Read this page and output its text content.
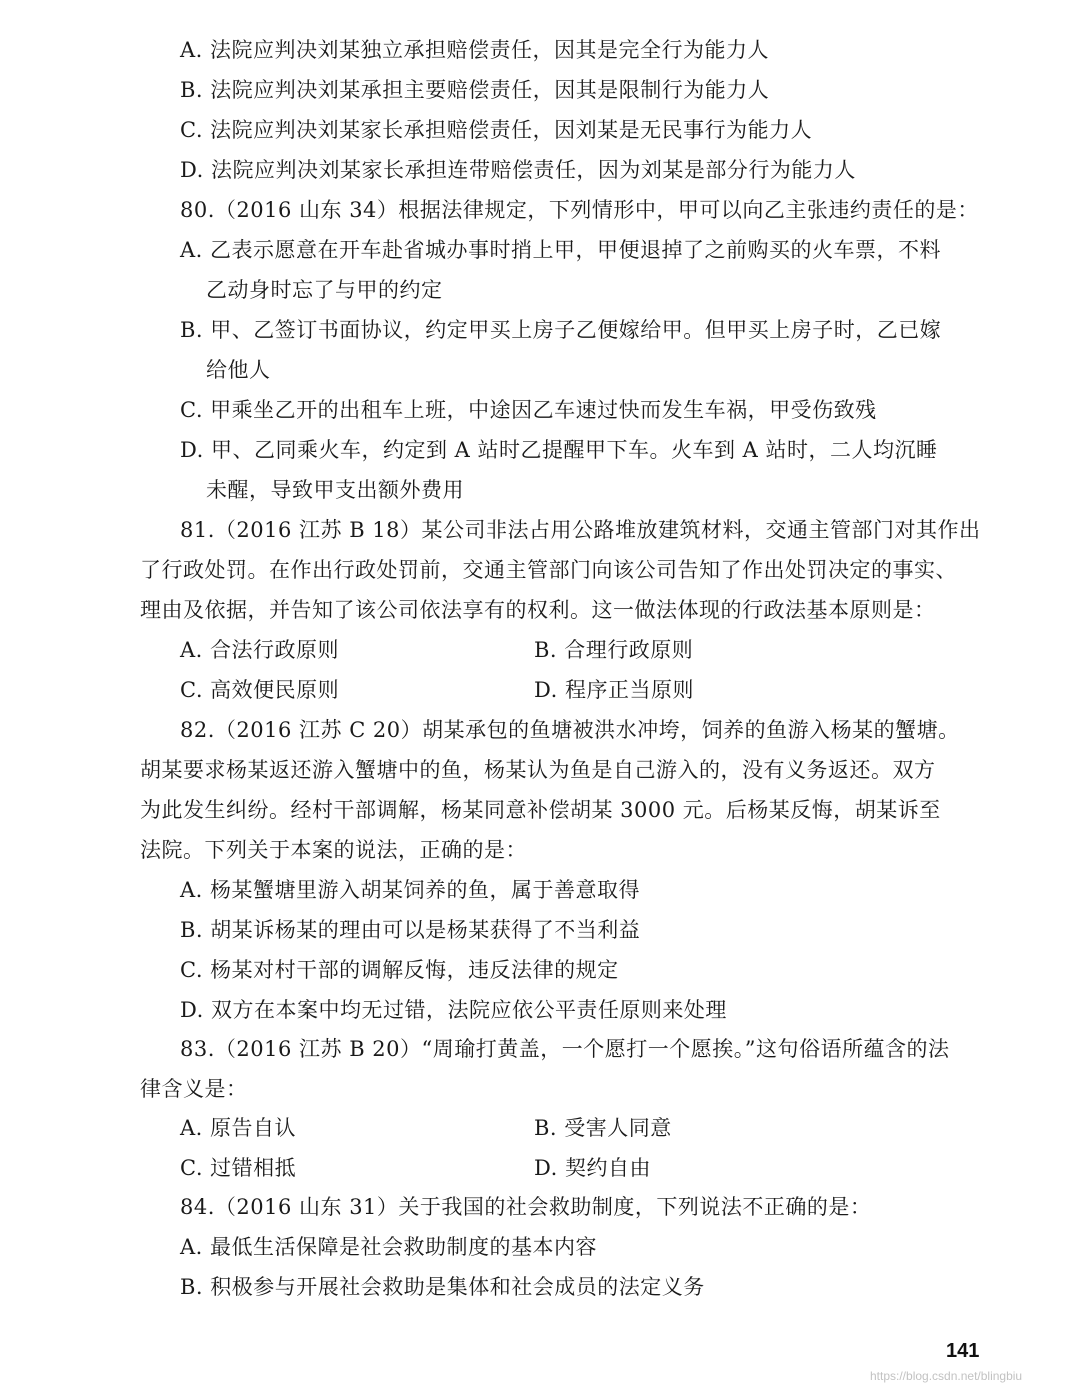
A. 法院应判决刘某独立承担赔偿责任，因其是完全行为能力人
B. 法院应判决刘某承担主要赔偿责任，因其是限制行为能力人
C. 法院应判决刘某家长承担赔偿责任，因刘某是无民事行为能力人
D. 法院应判决刘某家长承担连带赔偿责任，因为刘某是部分行为能力人
80.（2016 山东 34）根据法律规定，下列情形中，甲可以向乙主张违约责任的是：
A. 乙表示愿意在开车赴省城办事时捎上甲，甲便退掉了之前购买的火车票，不料
乙动身时忘了与甲的约定
B. 甲、乙签订书面协议，约定甲买上房子乙便嫁给甲。但甲买上房子时，乙已嫁
给他人
C. 甲乘坐乙开的出租车上班，中途因乙车速过快而发生车祸，甲受伤致残
D. 甲、乙同乘火车，约定到 A 站时乙提醒甲下车。火车到 A 站时，二人均沉睡
未醒，导致甲支出额外费用
81.（2016 江苏 B 18）某公司非法占用公路堆放建筑材料，交通主管部门对其作出
了行政处罚。在作出行政处罚前，交通主管部门向该公司告知了作出处罚决定的事实、
理由及依据，并告知了该公司依法享有的权利。这一做法体现的行政法基本原则是：
A. 合法行政原则	B. 合理行政原则
C. 高效便民原则	D. 程序正当原则
82.（2016 江苏 C 20）胡某承包的鱼塘被洪水冲垮，饲养的鱼游入杨某的蟹塘。
胡某要求杨某返还游入蟹塘中的鱼，杨某认为鱼是自己游入的，没有义务返还。双方
为此发生纠纷。经村干部调解，杨某同意补偿胡某 3000 元。后杨某反悔，胡某诉至
法院。下列关于本案的说法，正确的是：
A. 杨某蟹塘里游入胡某饲养的鱼，属于善意取得
B. 胡某诉杨某的理由可以是杨某获得了不当利益
C. 杨某对村干部的调解反悔，违反法律的规定
D. 双方在本案中均无过错，法院应依公平责任原则来处理
83.（2016 江苏 B 20）“周瑜打黄盖，一个愿打一个愿挨。”这句俗语所蕴含的法
律含义是：
A. 原告自认	B. 受害人同意
C. 过错相抵	D. 契约自由
84.（2016 山东 31）关于我国的社会救助制度，下列说法不正确的是：
A. 最低生活保障是社会救助制度的基本内容
B. 积极参与开展社会救助是集体和社会成员的法定义务
141
https://blog.csdn.net/blingbiu
